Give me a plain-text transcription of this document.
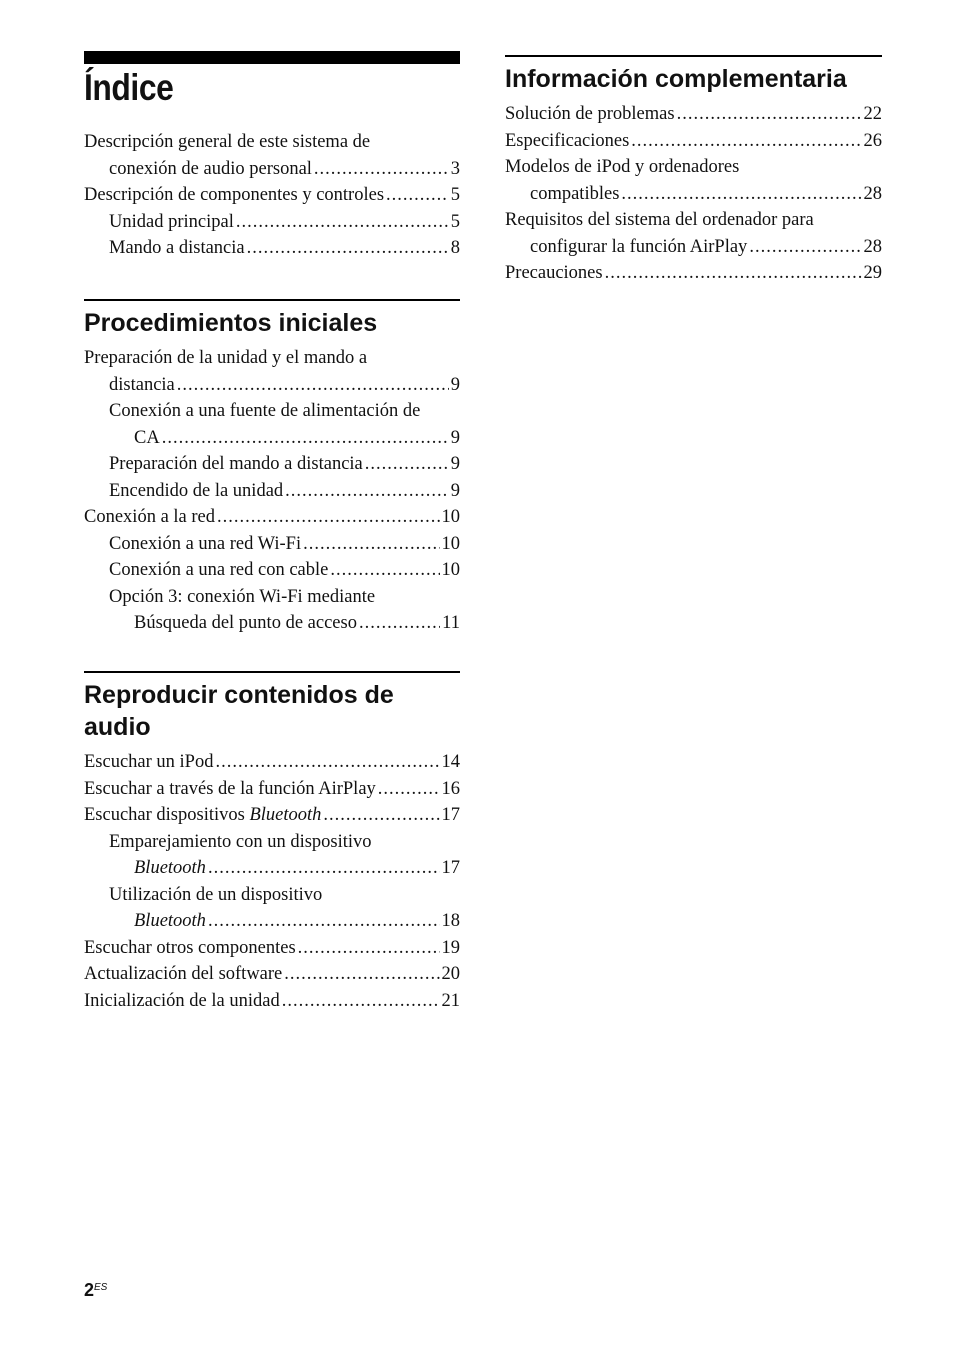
Índice
Descripción general de este sistema de
conexión de audio personal .....	3
Descripción de componentes y controles .....	5
Unidad principal .....	5
Mando a distancia .....	8
Procedimientos iniciales
Preparación de la unidad y el mando a
distancia .....	9
Conexión a una fuente de alimentación de
CA .....	9
Preparación del mando a distancia .....	9
Encendido de la unidad .....	9
Conexión a la red .....	10
Conexión a una red Wi-Fi .....	10
Conexión a una red con cable .....	10
Opción 3: conexión Wi-Fi mediante
Búsqueda del punto de acceso .....	11
Reproducir contenidos de audio
Escuchar un iPod .....	14
Escuchar a través de la función AirPlay .....	16
Escuchar dispositivos Bluetooth .....	17
Emparejamiento con un dispositivo
Bluetooth .....	17
Utilización de un dispositivo
Bluetooth .....	18
Escuchar otros componentes .....	19
Actualización del software .....	20
Inicialización de la unidad .....	21
Información complementaria
Solución de problemas .....	22
Especificaciones .....	26
Modelos de iPod y ordenadores
compatibles .....	28
Requisitos del sistema del ordenador para
configurar la función AirPlay .....	28
Precauciones .....	29
$2^{ES}$
